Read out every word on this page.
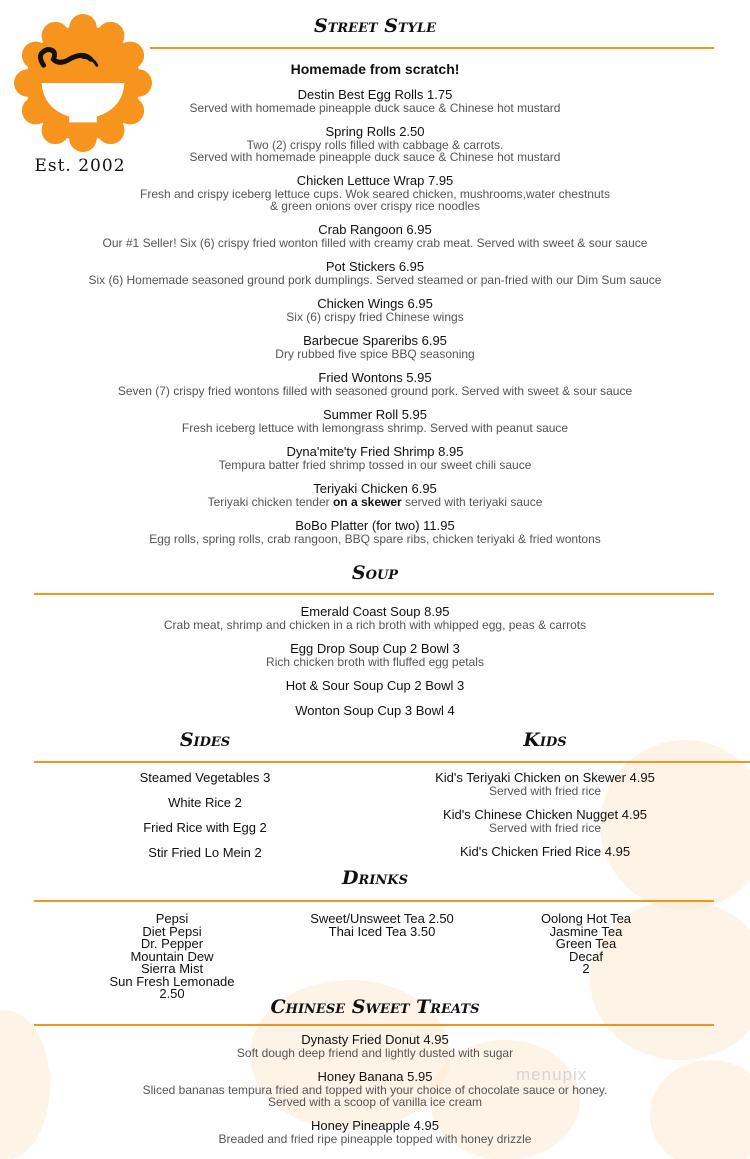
Est. 2002
Street Style
Homemade from scratch!
Destin Best Egg Rolls 1.75
Served with homemade pineapple duck sauce & Chinese hot mustard
Spring Rolls 2.50
Two (2) crispy rolls filled with cabbage & carrots.
Served with homemade pineapple duck sauce & Chinese hot mustard
Chicken Lettuce Wrap 7.95
Fresh and crispy iceberg lettuce cups. Wok seared chicken, mushrooms,water chestnuts
& green onions over crispy rice noodles
Crab Rangoon 6.95
Our #1 Seller! Six (6) crispy fried wonton filled with creamy crab meat. Served with sweet & sour sauce
Pot Stickers 6.95
Six (6) Homemade seasoned ground pork dumplings. Served steamed or pan-fried with our Dim Sum sauce
Chicken Wings 6.95
Six (6) crispy fried Chinese wings
Barbecue Spareribs 6.95
Dry rubbed five spice BBQ seasoning
Fried Wontons 5.95
Seven (7) crispy fried wontons filled with seasoned ground pork. Served with sweet & sour sauce
Summer Roll 5.95
Fresh iceberg lettuce with lemongrass shrimp. Served with peanut sauce
Dyna'mite'ty Fried Shrimp 8.95
Tempura batter fried shrimp tossed in our sweet chili sauce
Teriyaki Chicken 6.95
Teriyaki chicken tender on a skewer served with teriyaki sauce
BoBo Platter (for two) 11.95
Egg rolls, spring rolls, crab rangoon, BBQ spare ribs, chicken teriyaki & fried wontons
Soup
Emerald Coast Soup 8.95
Crab meat, shrimp and chicken in a rich broth with whipped egg, peas & carrots
Egg Drop Soup Cup 2 Bowl 3
Rich chicken broth with fluffed egg petals
Hot & Sour Soup Cup 2 Bowl 3
Wonton Soup Cup 3 Bowl 4
Sides	Kids
Steamed Vegetables 3
White Rice 2
Fried Rice with Egg 2
Stir Fried Lo Mein 2
Kid's Teriyaki Chicken on Skewer 4.95
Served with fried rice
Kid's Chinese Chicken Nugget 4.95
Served with fried rice
Kid's Chicken Fried Rice 4.95
Drinks
Pepsi
Diet Pepsi
Dr. Pepper
Mountain Dew
Sierra Mist
Sun Fresh Lemonade
2.50
Sweet/Unsweet Tea 2.50
Thai Iced Tea 3.50
Oolong Hot Tea
Jasmine Tea
Green Tea
Decaf
2
Chinese Sweet Treats
Dynasty Fried Donut 4.95
Soft dough deep friend and lightly dusted with sugar
Honey Banana 5.95
Sliced bananas tempura fried and topped with your choice of chocolate sauce or honey.
Served with a scoop of vanilla ice cream
Honey Pineapple 4.95
Breaded and fried ripe pineapple topped with honey drizzle
menupix
